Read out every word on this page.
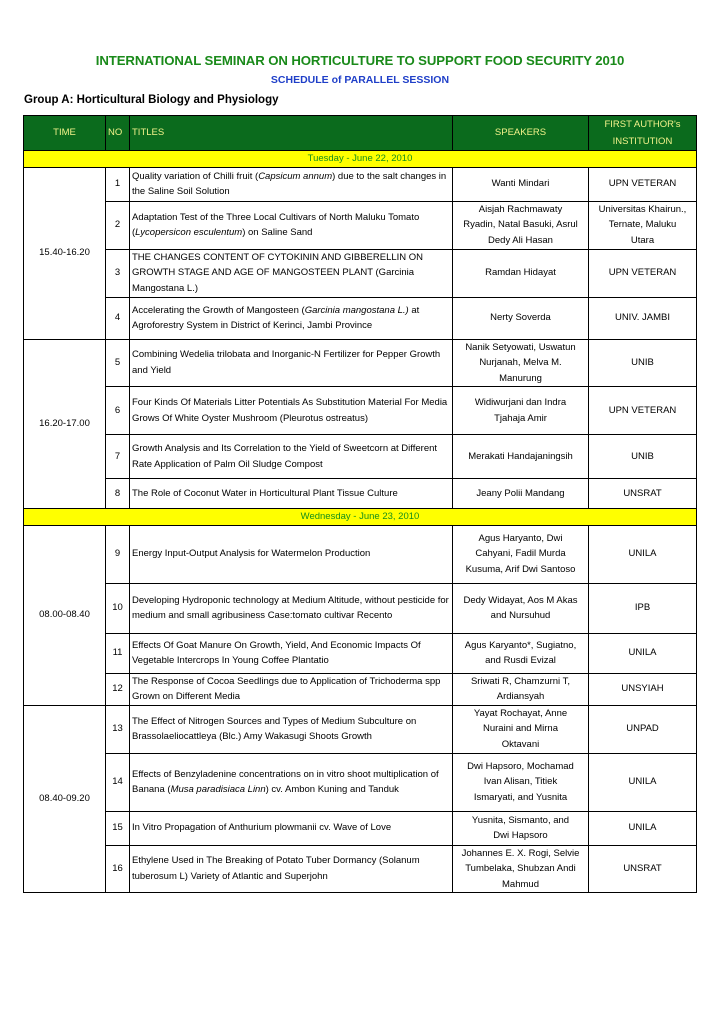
INTERNATIONAL SEMINAR ON HORTICULTURE TO SUPPORT FOOD SECURITY 2010
SCHEDULE of PARALLEL SESSION
Group A: Horticultural Biology and Physiology
TIME	NO	TITLES	SPEAKERS	FIRST AUTHOR's
INSTITUTION

Tuesday - June 22, 2010				
15.40-16.20	1	Quality variation of Chilli fruit (Capsicum annum) due to the salt changes in the Saline Soil Solution	Wanti Mindari	UPN VETERAN
	2	Adaptation Test of the Three Local Cultivars of North Maluku Tomato (Lycopersicon esculentum) on Saline Sand	Aisjah Rachmawaty
Ryadin, Natal Basuki, Asrul
Dedy Ali Hasan	Universitas Khairun.,
Ternate, Maluku
Utara

	3	THE CHANGES CONTENT OF CYTOKININ AND GIBBERELLIN ON GROWTH STAGE AND AGE OF MANGOSTEEN PLANT (Garcinia Mangostana L.)	Ramdan Hidayat	UPN VETERAN
	4	Accelerating the Growth of Mangosteen (Garcinia mangostana L.) at Agroforestry System in District of Kerinci, Jambi Province	Nerty Soverda	UNIV. JAMBI
16.20-17.00	5	Combining Wedelia trilobata and Inorganic-N Fertilizer for Pepper Growth and Yield	Nanik Setyowati, Uswatun
Nurjanah, Melva M.
Manurung	UNIB
	6	Four Kinds Of Materials Litter Potentials As Substitution Material For Media Grows Of White Oyster Mushroom (Pleurotus ostreatus)	Widiwurjani dan Indra
Tjahaja Amir	UPN VETERAN
	7	Growth Analysis and Its Correlation to the Yield of Sweetcorn at Different Rate Application of Palm Oil Sludge Compost	Merakati Handajaningsih	UNIB
	8	The Role of Coconut Water in Horticultural Plant Tissue Culture	Jeany Polii Mandang	UNSRAT
Wednesday - June 23, 2010				
08.00-08.40	9	Energy Input-Output Analysis for Watermelon Production	Agus Haryanto, Dwi
Cahyani, Fadil Murda
Kusuma, Arif Dwi Santoso	UNILA
	10	Developing Hydroponic technology at Medium Altitude, without pesticide for medium and small agribusiness Case:tomato cultivar Recento	Dedy Widayat, Aos M Akas
and Nursuhud	IPB
	11	Effects Of Goat Manure On Growth, Yield, And Economic Impacts Of Vegetable Intercrops In Young Coffee Plantatio	Agus Karyanto*, Sugiatno,
and Rusdi Evizal	UNILA
	12	The Response of Cocoa Seedlings due to Application of Trichoderma spp Grown on Different Media	Sriwati R, Chamzurni T,
Ardiansyah	UNSYIAH
08.40-09.20	13	The Effect of Nitrogen Sources and Types of Medium Subculture on Brassolaeliocattleya (Blc.) Amy Wakasugi Shoots Growth	Yayat Rochayat, Anne
Nuraini and Mirna
Oktavani	UNPAD
	14	Effects of Benzyladenine concentrations on in vitro shoot multiplication of Banana (Musa paradisiaca Linn) cv. Ambon Kuning and Tanduk	Dwi Hapsoro, Mochamad
Ivan Alisan, Titiek
Ismaryati, and Yusnita	UNILA
	15	In Vitro Propagation of Anthurium plowmanii cv. Wave of Love	Yusnita, Sismanto, and
Dwi Hapsoro	UNILA
	16	Ethylene Used in The Breaking of Potato Tuber Dormancy (Solanum tuberosum L) Variety of Atlantic and Superjohn	Johannes E. X. Rogi, Selvie
Tumbelaka, Shubzan Andi
Mahmud	UNSRAT
